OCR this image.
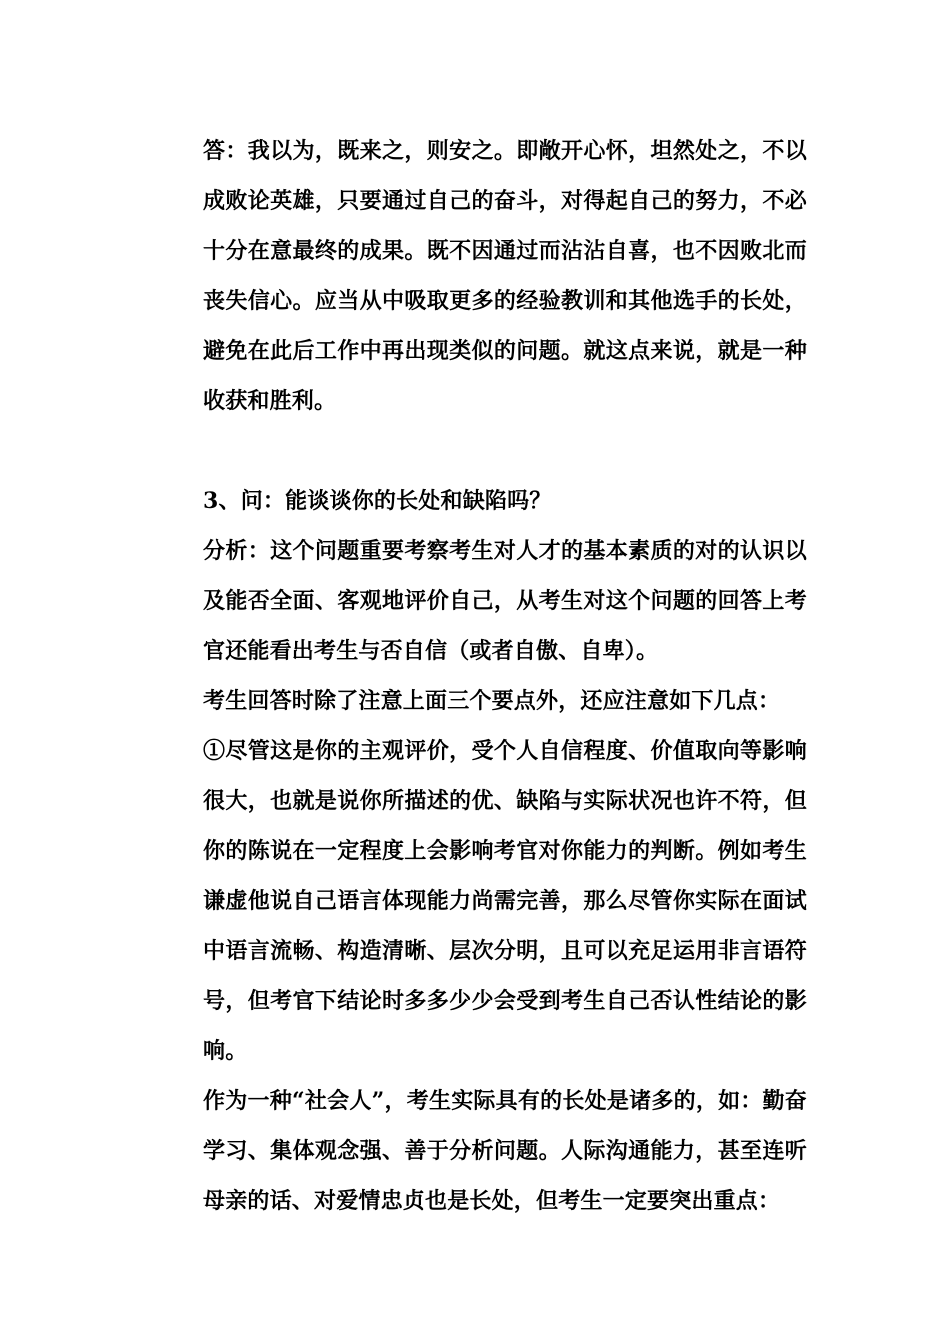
答：我以为，既来之，则安之。即敞开心怀，坦然处之，不以成败论英雄，只要通过自己的奋斗，对得起自己的努力，不必十分在意最终的成果。既不因通过而沾沾自喜，也不因败北而丧失信心。应当从中吸取更多的经验教训和其他选手的长处，避免在此后工作中再出现类似的问题。就这点来说，就是一种收获和胜利。

3、问：能谈谈你的长处和缺陷吗？

分析：这个问题重要考察考生对人才的基本素质的对的认识以及能否全面、客观地评价自己，从考生对这个问题的回答上考官还能看出考生与否自信（或者自傲、自卑）。

考生回答时除了注意上面三个要点外，还应注意如下几点：

①尽管这是你的主观评价，受个人自信程度、价值取向等影响很大，也就是说你所描述的优、缺陷与实际状况也许不符，但你的陈说在一定程度上会影响考官对你能力的判断。例如考生谦虚他说自己语言体现能力尚需完善，那么尽管你实际在面试中语言流畅、构造清晰、层次分明，且可以充足运用非言语符号，但考官下结论时多多少少会受到考生自己否认性结论的影响。

作为一种“社会人”，考生实际具有的长处是诸多的，如：勤奋学习、集体观念强、善于分析问题。人际沟通能力，甚至连听母亲的话、对爱情忠贞也是长处，但考生一定要突出重点：
